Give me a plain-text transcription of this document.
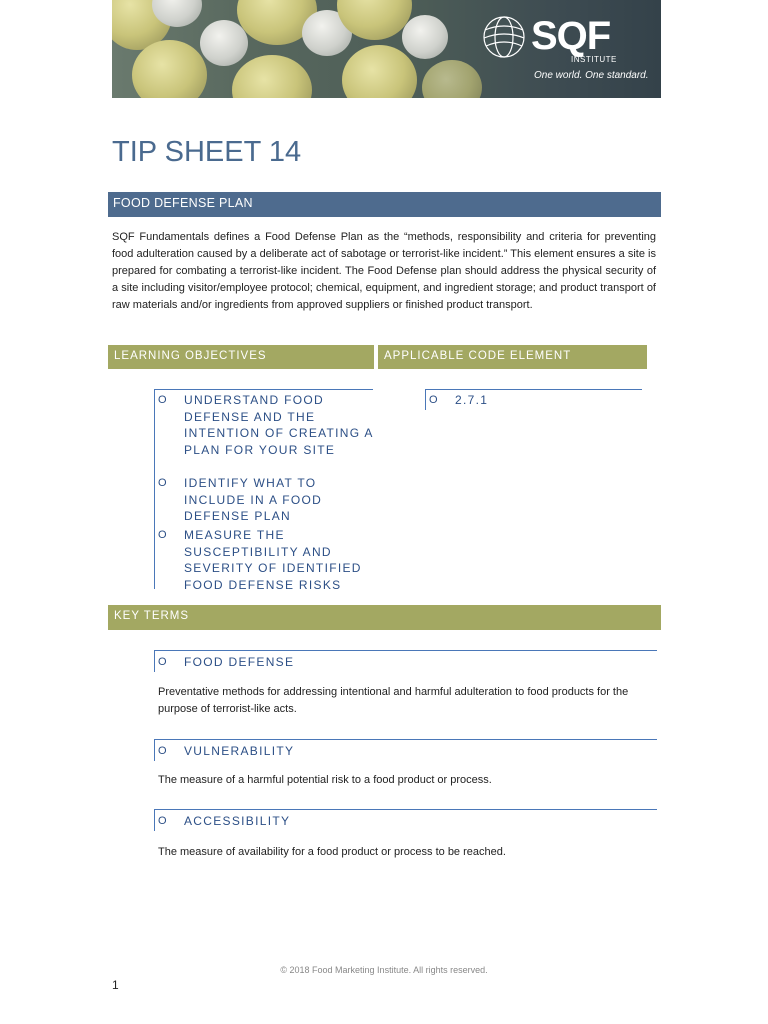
SQF
INSTITUTE
One world. One standard.
TIP SHEET 14
FOOD DEFENSE PLAN
SQF Fundamentals defines a Food Defense Plan as the “methods, responsibility and criteria for preventing food adulteration caused by a deliberate act of sabotage or terrorist-like incident.” This element ensures a site is prepared for combating a terrorist-like incident. The Food Defense plan should address the physical security of a site including visitor/employee protocol; chemical, equipment, and ingredient storage; and product transport of raw materials and/or ingredients from approved suppliers or finished product transport.
LEARNING OBJECTIVES	APPLICABLE CODE ELEMENT
O UNDERSTAND FOOD DEFENSE AND THE INTENTION OF CREATING A PLAN FOR YOUR SITE
O IDENTIFY WHAT TO INCLUDE IN A FOOD DEFENSE PLAN
O MEASURE THE SUSCEPTIBILITY AND SEVERITY OF IDENTIFIED FOOD DEFENSE RISKS
O 2.7.1
KEY TERMS
O FOOD DEFENSE
Preventative methods for addressing intentional and harmful adulteration to food products for the purpose of terrorist-like acts.
O VULNERABILITY
The measure of a harmful potential risk to a food product or process.
O ACCESSIBILITY
The measure of availability for a food product or process to be reached.
© 2018 Food Marketing Institute. All rights reserved.
1
